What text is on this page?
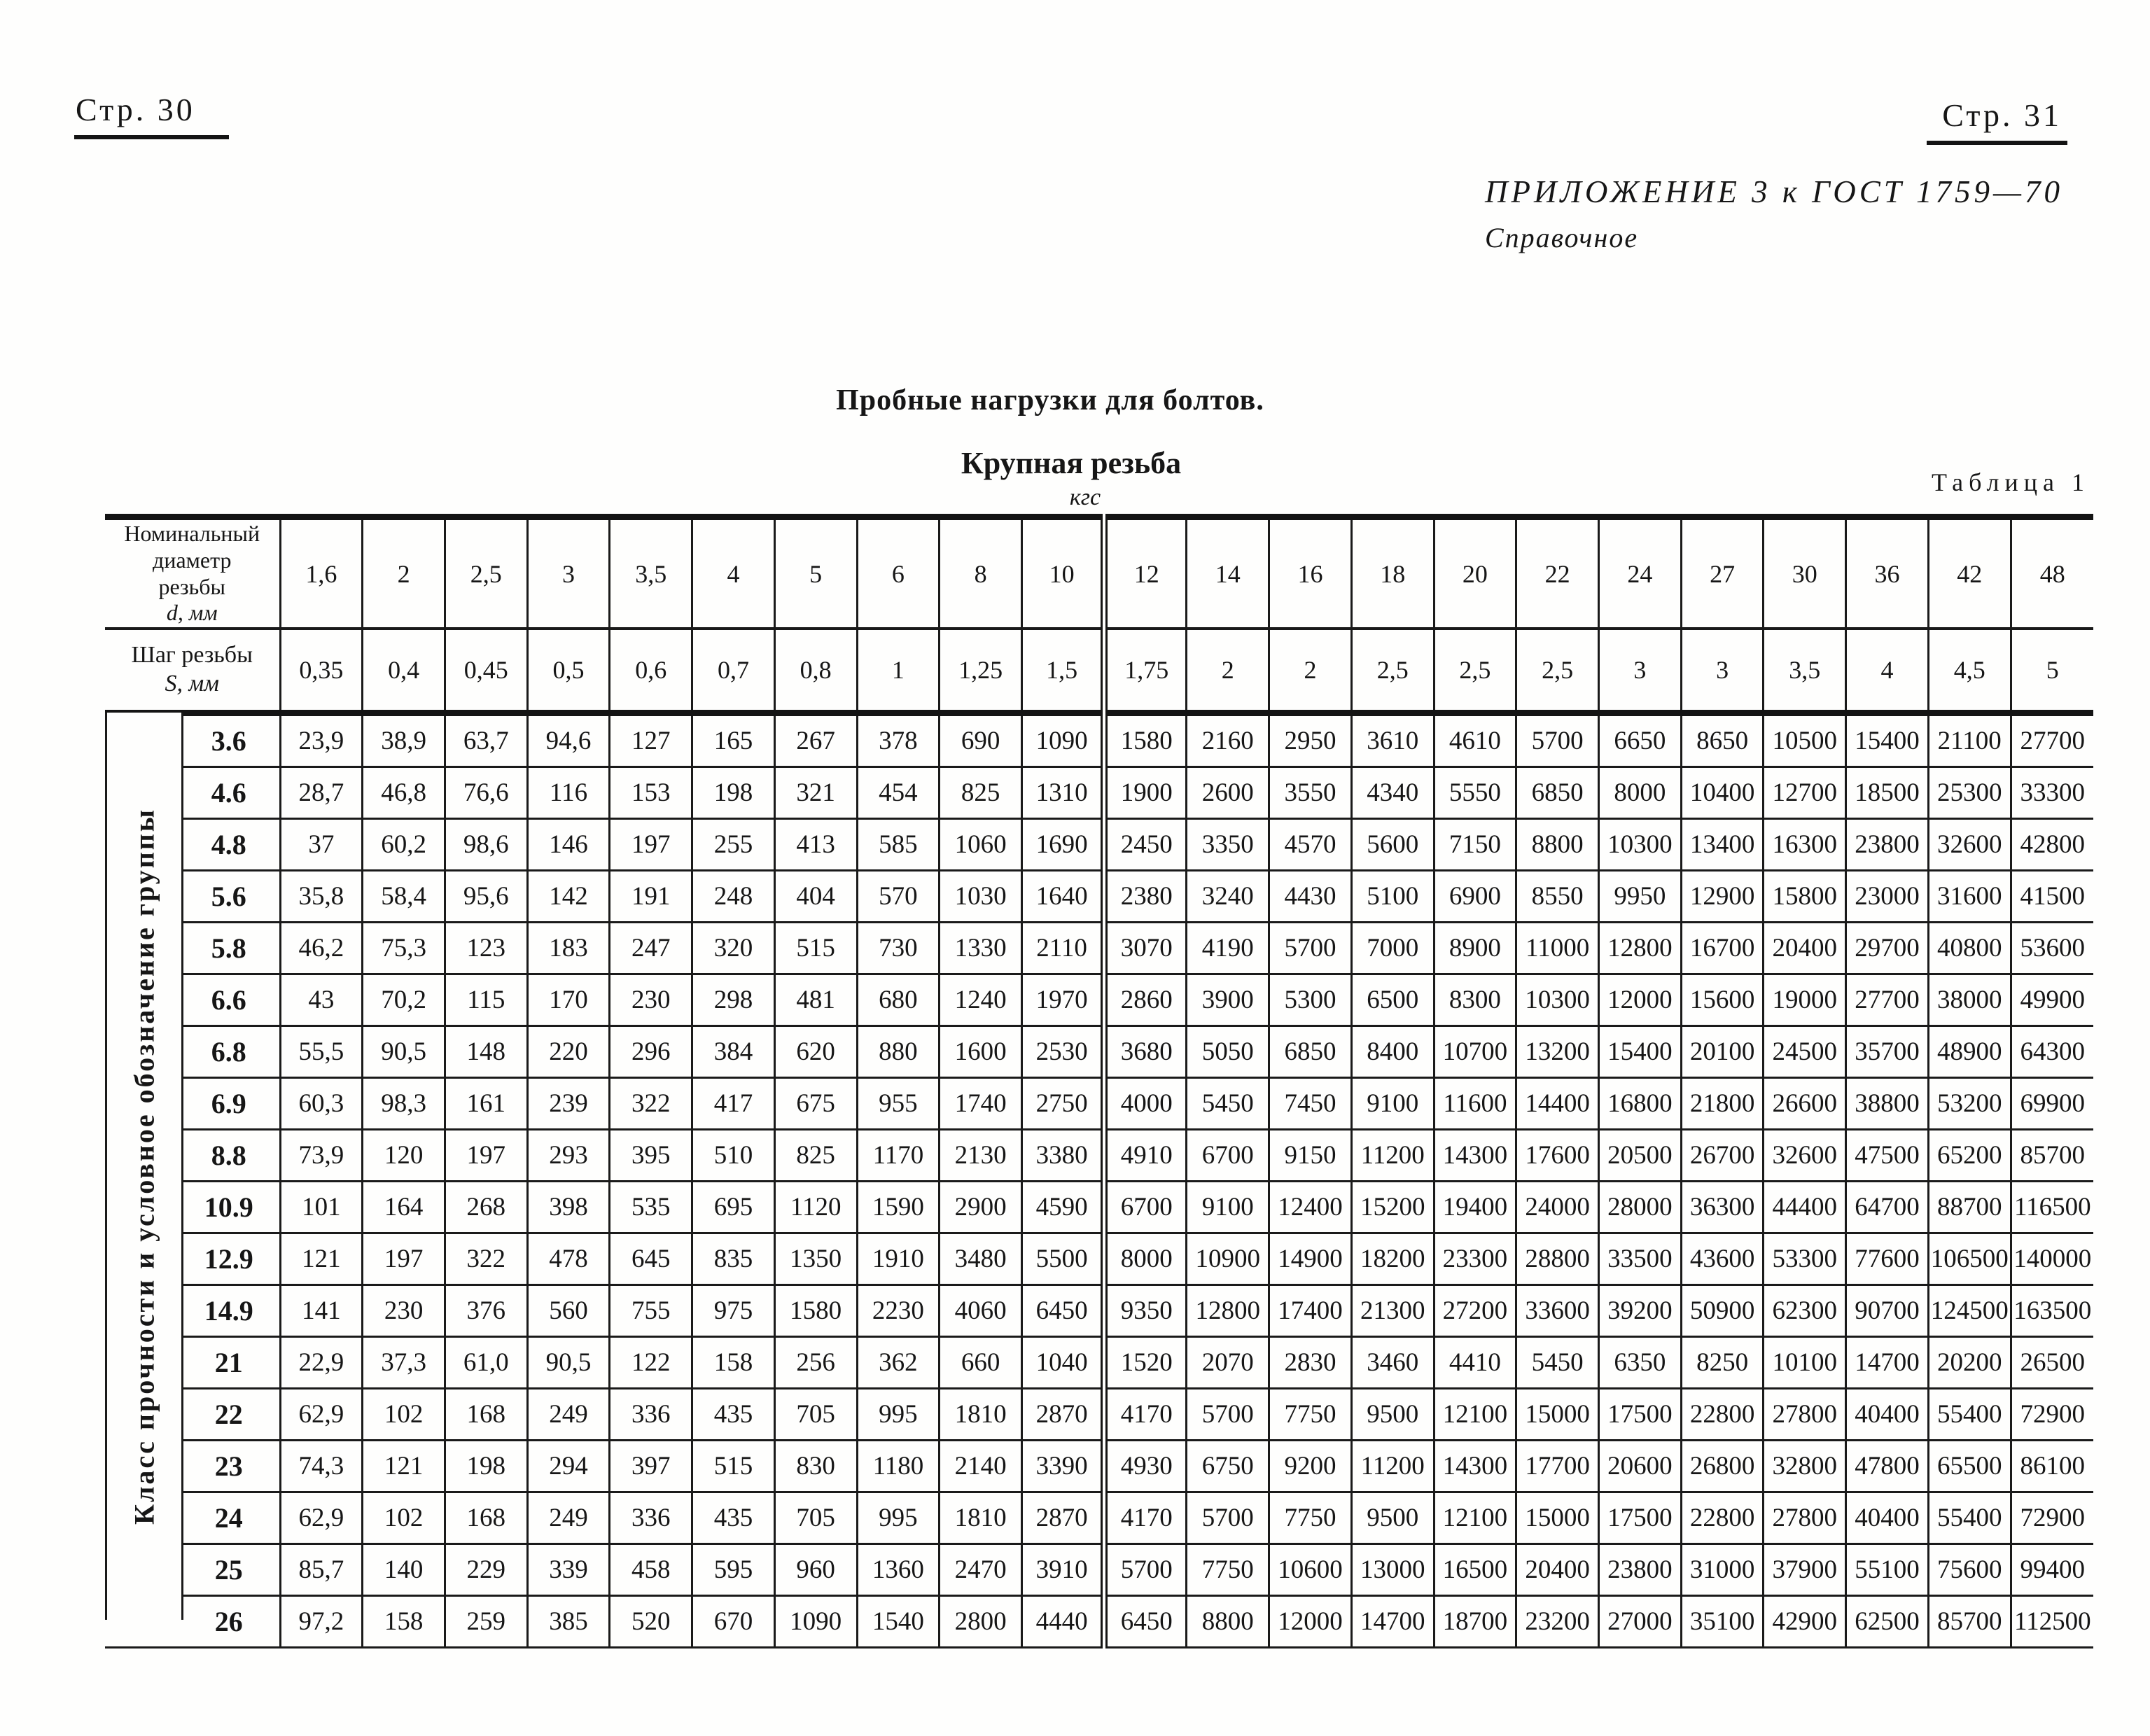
Стр. 30	Стр. 31
ПРИЛОЖЕНИЕ 3 к ГОСТ 1759—70
Справочное
Пробные нагрузки для болтов.
Крупная резьба
кгс
Таблица 1
Номинальный
диаметр
резьбы
d, мм	1,6	2	2,5	3	3,5	4	5	6	8	10	12	14	16	18	20	22	24	27	30	36	42	48

Шаг резьбы
S, мм	0,35	0,4	0,45	0,5	0,6	0,7	0,8	1	1,25	1,5	1,75	2	2	2,5	2,5	2,5	3	3	3,5	4	4,5	5
3.6	23,9	38,9	63,7	94,6	127	165	267	378	690	1090	1580	2160	2950	3610	4610	5700	6650	8650	10500	15400	21100	27700
4.6	28,7	46,8	76,6	116	153	198	321	454	825	1310	1900	2600	3550	4340	5550	6850	8000	10400	12700	18500	25300	33300
4.8	37	60,2	98,6	146	197	255	413	585	1060	1690	2450	3350	4570	5600	7150	8800	10300	13400	16300	23800	32600	42800
5.6	35,8	58,4	95,6	142	191	248	404	570	1030	1640	2380	3240	4430	5100	6900	8550	9950	12900	15800	23000	31600	41500
5.8	46,2	75,3	123	183	247	320	515	730	1330	2110	3070	4190	5700	7000	8900	11000	12800	16700	20400	29700	40800	53600
6.6	43	70,2	115	170	230	298	481	680	1240	1970	2860	3900	5300	6500	8300	10300	12000	15600	19000	27700	38000	49900
6.8	55,5	90,5	148	220	296	384	620	880	1600	2530	3680	5050	6850	8400	10700	13200	15400	20100	24500	35700	48900	64300
6.9	60,3	98,3	161	239	322	417	675	955	1740	2750	4000	5450	7450	9100	11600	14400	16800	21800	26600	38800	53200	69900
8.8	73,9	120	197	293	395	510	825	1170	2130	3380	4910	6700	9150	11200	14300	17600	20500	26700	32600	47500	65200	85700
10.9	101	164	268	398	535	695	1120	1590	2900	4590	6700	9100	12400	15200	19400	24000	28000	36300	44400	64700	88700	116500
12.9	121	197	322	478	645	835	1350	1910	3480	5500	8000	10900	14900	18200	23300	28800	33500	43600	53300	77600	106500	140000
14.9	141	230	376	560	755	975	1580	2230	4060	6450	9350	12800	17400	21300	27200	33600	39200	50900	62300	90700	124500	163500
21	22,9	37,3	61,0	90,5	122	158	256	362	660	1040	1520	2070	2830	3460	4410	5450	6350	8250	10100	14700	20200	26500
22	62,9	102	168	249	336	435	705	995	1810	2870	4170	5700	7750	9500	12100	15000	17500	22800	27800	40400	55400	72900
23	74,3	121	198	294	397	515	830	1180	2140	3390	4930	6750	9200	11200	14300	17700	20600	26800	32800	47800	65500	86100
24	62,9	102	168	249	336	435	705	995	1810	2870	4170	5700	7750	9500	12100	15000	17500	22800	27800	40400	55400	72900
25	85,7	140	229	339	458	595	960	1360	2470	3910	5700	7750	10600	13000	16500	20400	23800	31000	37900	55100	75600	99400
26	97,2	158	259	385	520	670	1090	1540	2800	4440	6450	8800	12000	14700	18700	23200	27000	35100	42900	62500	85700	112500
Класс прочности и условное обозначение группы
